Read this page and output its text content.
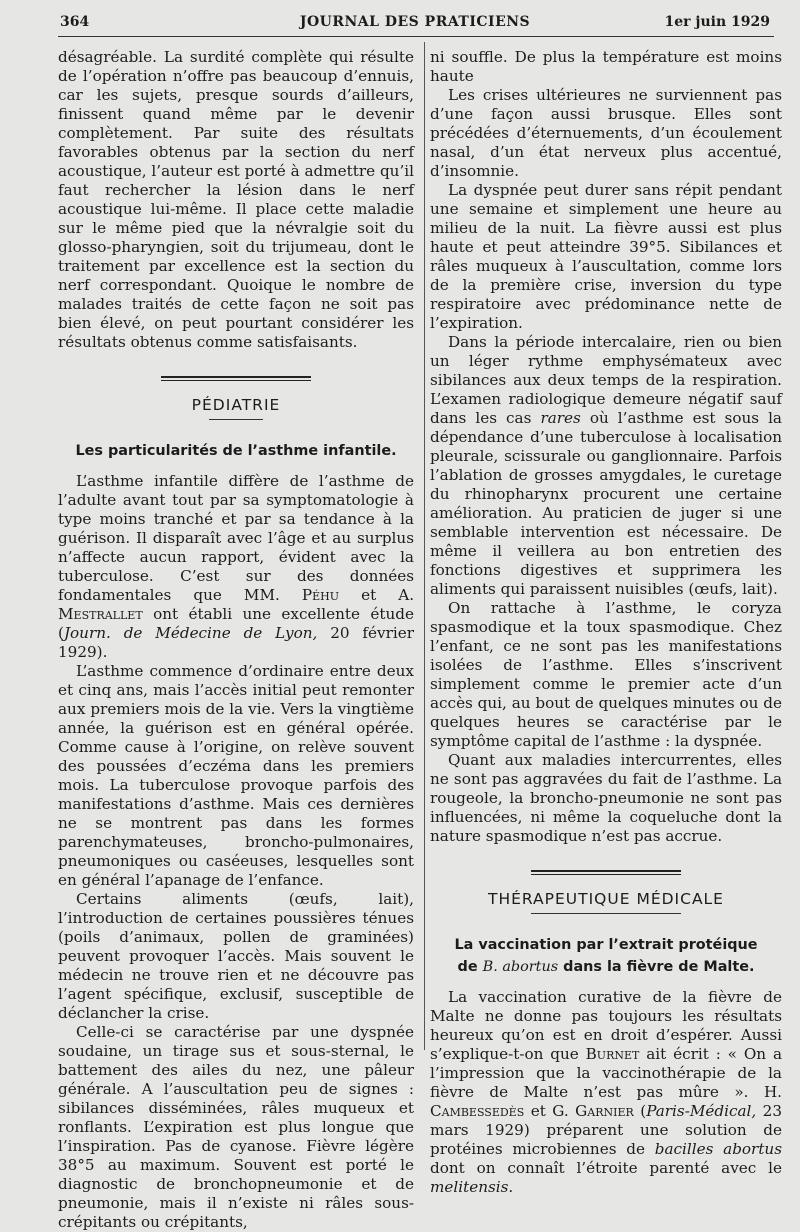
364	JOURNAL DES PRATICIENS	1er juin 1929

désagréable. La surdité complète qui résulte de l’opération n’offre pas beaucoup d’ennuis, car les sujets, presque sourds d’ailleurs, finissent quand même par le devenir complètement. Par suite des résultats favorables obtenus par la section du nerf acoustique, l’auteur est porté à admettre qu’il faut rechercher la lésion dans le nerf acoustique lui-même. Il place cette maladie sur le même pied que la névralgie soit du glosso-pharyngien, soit du trijumeau, dont le traitement par excellence est la section du nerf correspondant. Quoique le nombre de malades traités de cette façon ne soit pas bien élevé, on peut pourtant considérer les résultats obtenus comme satisfaisants.

PÉDIATRIE
Les particularités de l’asthme infantile.

L’asthme infantile diffère de l’asthme de l’adulte avant tout par sa symptomatologie à type moins tranché et par sa tendance à la guérison. Il disparaît avec l’âge et au surplus n’affecte aucun rapport, évident avec la tuberculose. C’est sur des données fondamentales que MM. Péhu et A. Mestrallet ont établi une excellente étude (Journ. de Médecine de Lyon, 20 février 1929).

L’asthme commence d’ordinaire entre deux et cinq ans, mais l’accès initial peut remonter aux premiers mois de la vie. Vers la vingtième année, la guérison est en général opérée. Comme cause à l’origine, on relève souvent des poussées d’eczéma dans les premiers mois. La tuberculose provoque parfois des manifestations d’asthme. Mais ces dernières ne se montrent pas dans les formes parenchymateuses, broncho-pulmonaires, pneumoniques ou caséeuses, lesquelles sont en général l’apanage de l’enfance.

Certains aliments (œufs, lait), l’introduction de certaines poussières ténues (poils d’animaux, pollen de graminées) peuvent provoquer l’accès. Mais souvent le médecin ne trouve rien et ne découvre pas l’agent spécifique, exclusif, susceptible de déclancher la crise.

Celle-ci se caractérise par une dyspnée soudaine, un tirage sus et sous-sternal, le battement des ailes du nez, une pâleur générale. A l’auscultation peu de signes : sibilances disséminées, râles muqueux et ronflants. L’expiration est plus longue que l’inspiration. Pas de cyanose. Fièvre légère 38°5 au maximum. Souvent est porté le diagnostic de bronchopneumonie et de pneumonie, mais il n’existe ni râles sous-crépitants ou crépitants,

ni souffle. De plus la température est moins haute

Les crises ultérieures ne surviennent pas d’une façon aussi brusque. Elles sont précédées d’éternuements, d’un écoulement nasal, d’un état nerveux plus accentué, d’insomnie.

La dyspnée peut durer sans répit pendant une semaine et simplement une heure au milieu de la nuit. La fièvre aussi est plus haute et peut atteindre 39°5. Sibilances et râles muqueux à l’auscultation, comme lors de la première crise, inversion du type respiratoire avec prédominance nette de l’expiration.

Dans la période intercalaire, rien ou bien un léger rythme emphysémateux avec sibilances aux deux temps de la respiration. L’examen radiologique demeure négatif sauf dans les cas rares où l’asthme est sous la dépendance d’une tuberculose à localisation pleurale, scissurale ou ganglionnaire. Parfois l’ablation de grosses amygdales, le curetage du rhinopharynx procurent une certaine amélioration. Au praticien de juger si une semblable intervention est nécessaire. De même il veillera au bon entretien des fonctions digestives et supprimera les aliments qui paraissent nuisibles (œufs, lait).

On rattache à l’asthme, le coryza spasmodique et la toux spasmodique. Chez l’enfant, ce ne sont pas les manifestations isolées de l’asthme. Elles s’inscrivent simplement comme le premier acte d’un accès qui, au bout de quelques minutes ou de quelques heures se caractérise par le symptôme capital de l’asthme : la dyspnée.

Quant aux maladies intercurrentes, elles ne sont pas aggravées du fait de l’asthme. La rougeole, la broncho-pneumonie ne sont pas influencées, ni même la coqueluche dont la nature spasmodique n’est pas accrue.

THÉRAPEUTIQUE MÉDICALE
La vaccination par l’extrait protéique
de B. abortus dans la fièvre de Malte.

La vaccination curative de la fièvre de Malte ne donne pas toujours les résultats heureux qu’on est en droit d’espérer. Aussi s’explique-t-on que Burnet ait écrit : « On a l’impression que la vaccinothérapie de la fièvre de Malte n’est pas mûre ». H. Cambessedès et G. Garnier (Paris-Médical, 23 mars 1929) préparent une solution de protéines microbiennes de bacilles abortus dont on connaît l’étroite parenté avec le melitensis.
